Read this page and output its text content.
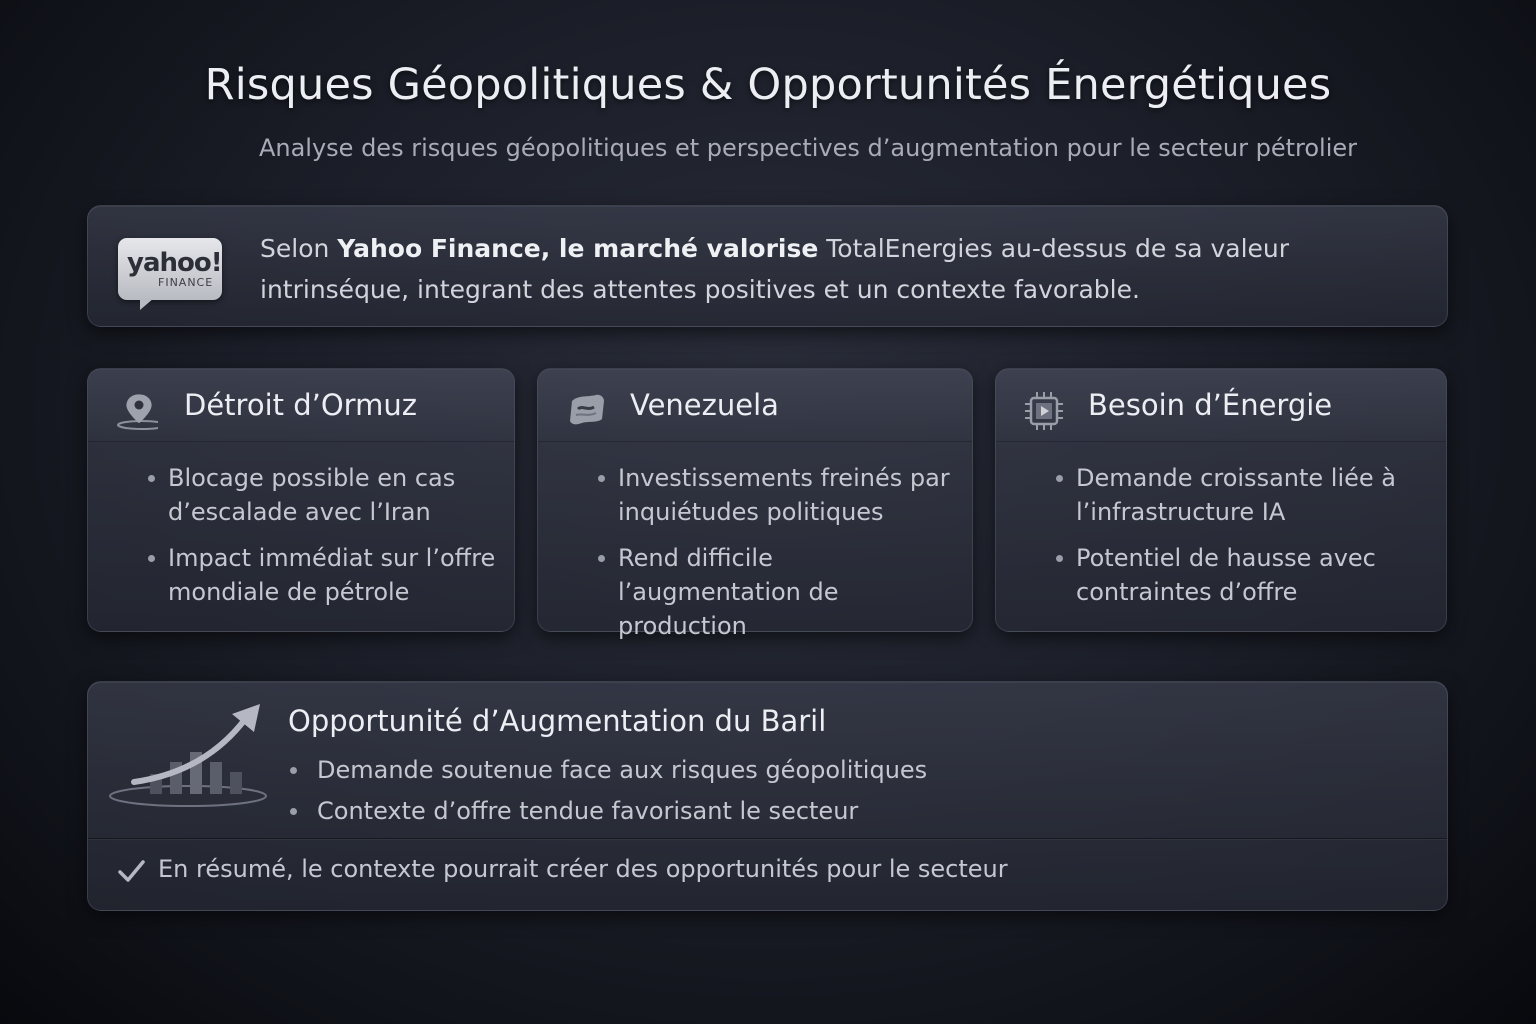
Risques Géopolitiques & Opportunités Énergétiques
Analyse des risques géopolitiques et perspectives d’augmentation pour le secteur pétrolier
yahoo!
FINANCE
Selon Yahoo Finance, le marché valorise TotalEnergies au-dessus de sa valeur intrinséque, integrant des attentes positives et un contexte favorable.
Détroit d’Ormuz
Blocage possible en cas d’escalade avec l’Iran
Impact immédiat sur l’offre mondiale de pétrole
Venezuela
Investissements freinés par inquiétudes politiques
Rend difficile l’augmentation de production
Besoin d’Énergie
Demande croissante liée à l’infrastructure IA
Potentiel de hausse avec contraintes d’offre
Opportunité d’Augmentation du Baril
Demande soutenue face aux risques géopolitiques
Contexte d’offre tendue favorisant le secteur
En résumé, le contexte pourrait créer des opportunités pour le secteur
